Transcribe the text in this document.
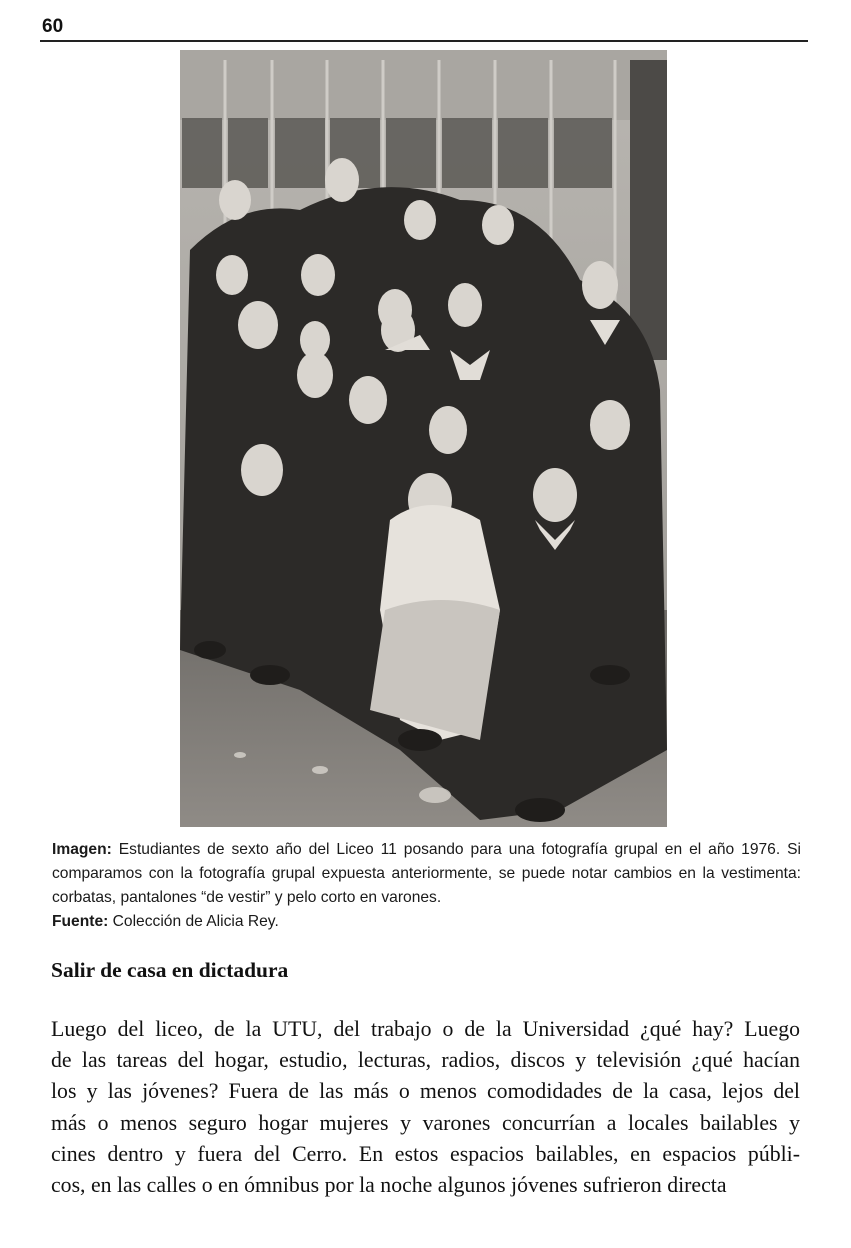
60

Imagen: Estudiantes de sexto año del Liceo 11 posando para una fotografía grupal en el año 1976. Si comparamos con la fotografía grupal expuesta anteriormente, se puede notar cambios en la vestimenta: corbatas, pantalones “de vestir” y pelo corto en varones.

Fuente: Colección de Alicia Rey.

Salir de casa en dictadura

Luego del liceo, de la UTU, del trabajo o de la Universidad ¿qué hay? Luego
de las tareas del hogar, estudio, lecturas, radios, discos y televisión ¿qué hacían
los y las jóvenes? Fuera de las más o menos comodidades de la casa, lejos del
más o menos seguro hogar mujeres y varones concurrían a locales bailables y
cines dentro y fuera del Cerro. En estos espacios bailables, en espacios públi-
cos, en las calles o en ómnibus por la noche algunos jóvenes sufrieron directa
